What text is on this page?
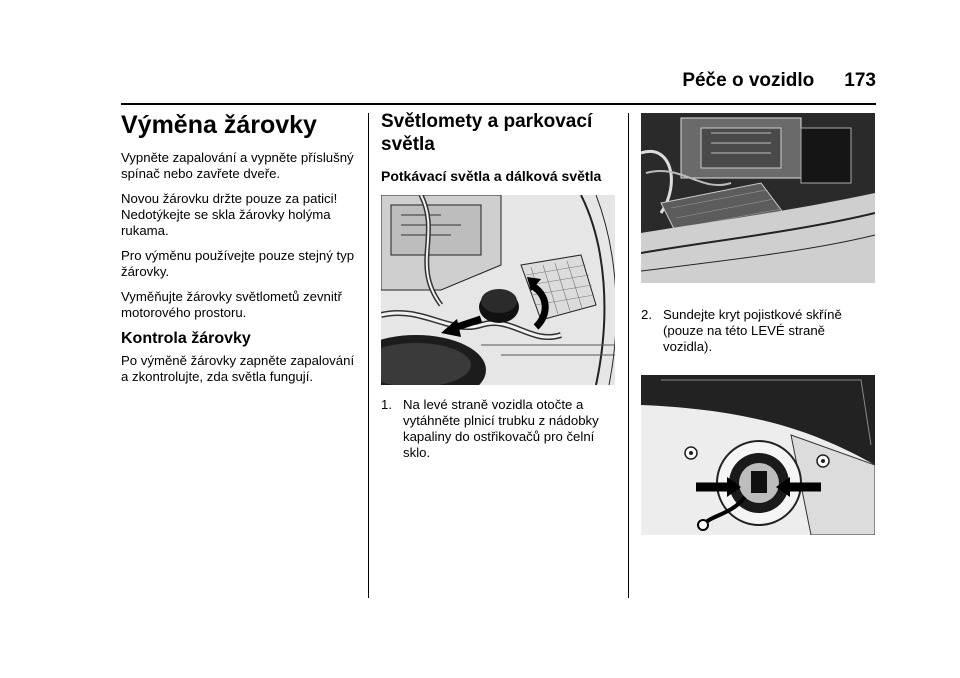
Péče o vozidlo 173
Výměna žárovky

Vypněte zapalování a vypněte příslušný spínač nebo zavřete dveře.

Novou žárovku držte pouze za patici! Nedotýkejte se skla žárovky holýma rukama.

Pro výměnu používejte pouze stejný typ žárovky.

Vyměňujte žárovky světlometů zevnitř motorového prostoru.

Kontrola žárovky

Po výměně žárovky zapněte zapalování a zkontrolujte, zda světla fungují.

Světlomety a parkovací světla
Potkávací světla a dálková světla
1. Na levé straně vozidla otočte a vytáhněte plnicí trubku z nádobky kapaliny do ostřikovačů pro čelní sklo.
2. Sundejte kryt pojistkové skříně (pouze na této LEVÉ straně vozidla).
